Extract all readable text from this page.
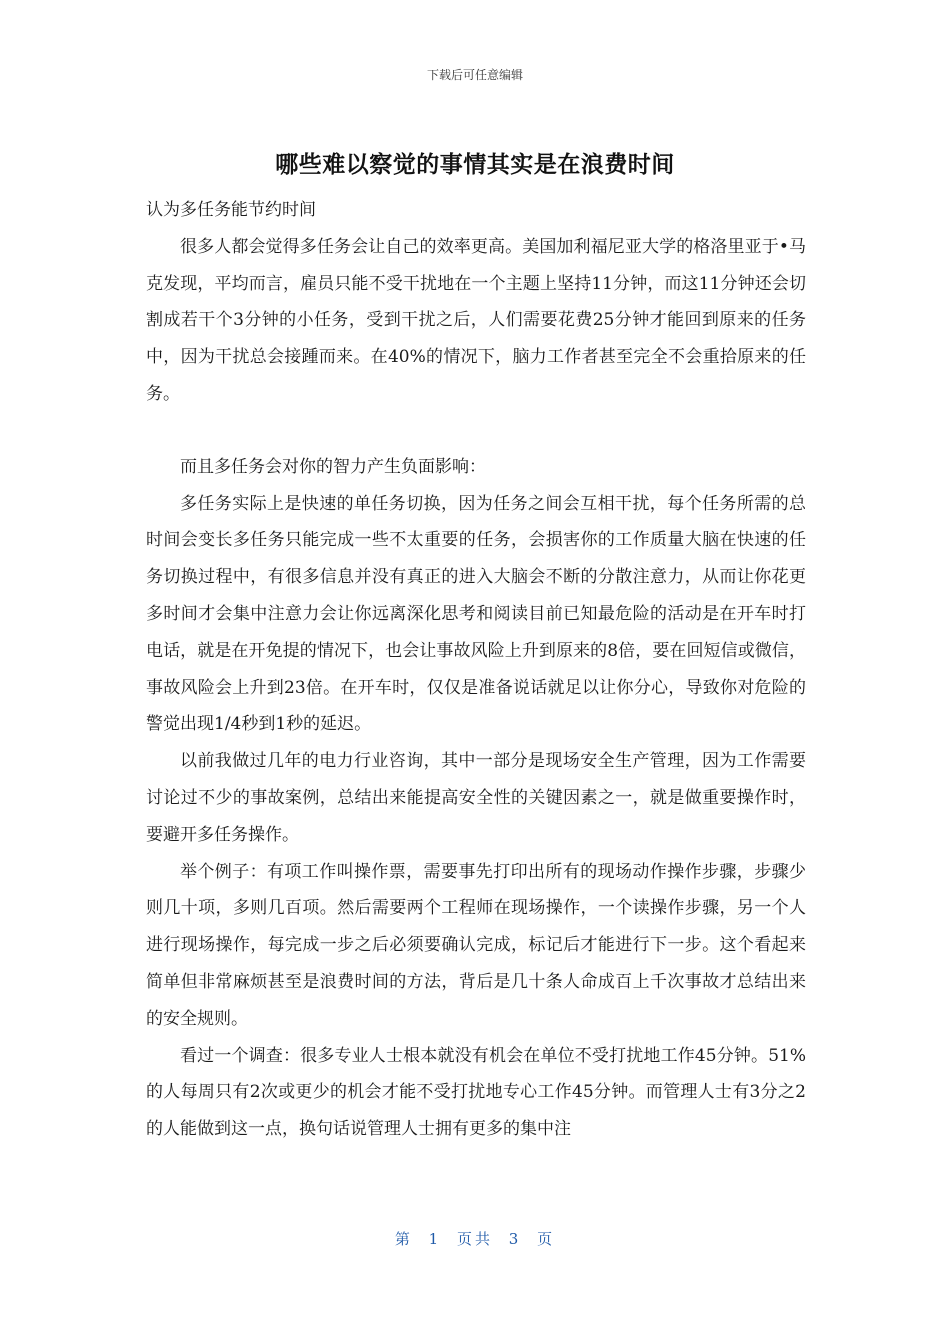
下载后可任意编辑
哪些难以察觉的事情其实是在浪费时间

认为多任务能节约时间

很多人都会觉得多任务会让自己的效率更高。美国加利福尼亚大学的格洛里亚于•马克发现，平均而言，雇员只能不受干扰地在一个主题上坚持11分钟，而这11分钟还会切割成若干个3分钟的小任务，受到干扰之后，人们需要花费25分钟才能回到原来的任务中，因为干扰总会接踵而来。在40%的情况下，脑力工作者甚至完全不会重拾原来的任务。

而且多任务会对你的智力产生负面影响：

多任务实际上是快速的单任务切换，因为任务之间会互相干扰，每个任务所需的总时间会变长多任务只能完成一些不太重要的任务，会损害你的工作质量大脑在快速的任务切换过程中，有很多信息并没有真正的进入大脑会不断的分散注意力，从而让你花更多时间才会集中注意力会让你远离深化思考和阅读目前已知最危险的活动是在开车时打电话，就是在开免提的情况下，也会让事故风险上升到原来的8倍，要在回短信或微信，事故风险会上升到23倍。在开车时，仅仅是准备说话就足以让你分心，导致你对危险的警觉出现1/4秒到1秒的延迟。

以前我做过几年的电力行业咨询，其中一部分是现场安全生产管理，因为工作需要讨论过不少的事故案例，总结出来能提高安全性的关键因素之一，就是做重要操作时，要避开多任务操作。

举个例子：有项工作叫操作票，需要事先打印出所有的现场动作操作步骤，步骤少则几十项，多则几百项。然后需要两个工程师在现场操作，一个读操作步骤，另一个人进行现场操作，每完成一步之后必须要确认完成，标记后才能进行下一步。这个看起来简单但非常麻烦甚至是浪费时间的方法，背后是几十条人命成百上千次事故才总结出来的安全规则。

看过一个调查：很多专业人士根本就没有机会在单位不受打扰地工作45分钟。51%的人每周只有2次或更少的机会才能不受打扰地专心工作45分钟。而管理人士有3分之2的人能做到这一点，换句话说管理人士拥有更多的集中注

第 1 页共 3 页
